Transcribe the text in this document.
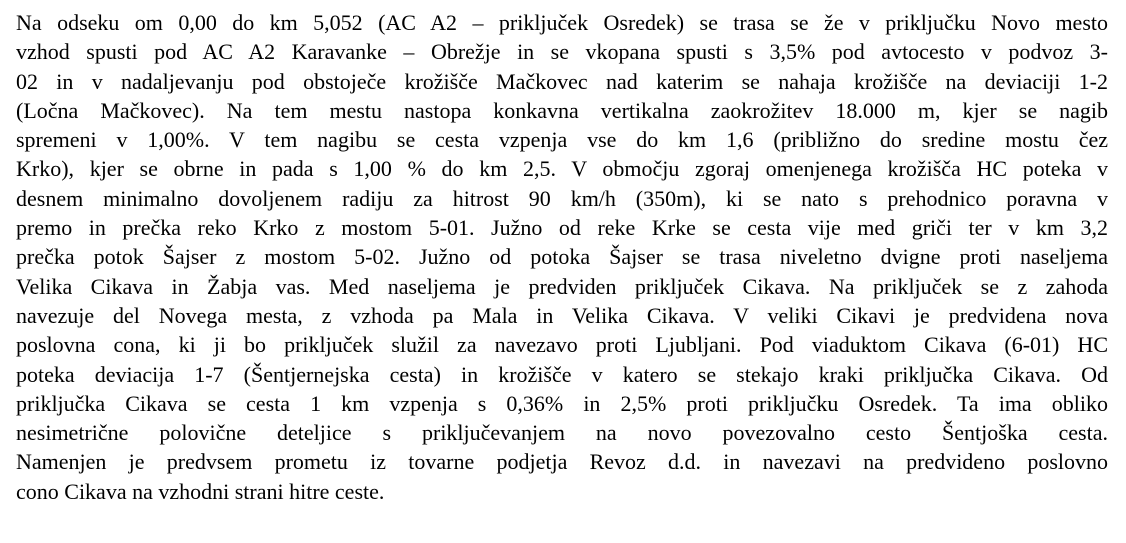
Na odseku om 0,00 do km 5,052 (AC A2 – priključek Osredek) se trasa se že v priključku Novo mesto
vzhod spusti pod AC A2 Karavanke – Obrežje in se vkopana spusti s 3,5% pod avtocesto v podvoz 3-
02 in v nadaljevanju pod obstoječe krožišče Mačkovec nad katerim se nahaja krožišče na deviaciji 1-2
(Ločna Mačkovec). Na tem mestu nastopa konkavna vertikalna zaokrožitev 18.000 m, kjer se nagib
spremeni v 1,00%. V tem nagibu se cesta vzpenja vse do km 1,6 (približno do sredine mostu čez
Krko), kjer se obrne in pada s 1,00 % do km 2,5. V območju zgoraj omenjenega krožišča HC poteka v
desnem minimalno dovoljenem radiju za hitrost 90 km/h (350m), ki se nato s prehodnico poravna v
premo in prečka reko Krko z mostom 5-01. Južno od reke Krke se cesta vije med griči ter v km 3,2
prečka potok Šajser z mostom 5-02. Južno od potoka Šajser se trasa niveletno dvigne proti naseljema
Velika Cikava in Žabja vas. Med naseljema je predviden priključek Cikava. Na priključek se z zahoda
navezuje del Novega mesta, z vzhoda pa Mala in Velika Cikava. V veliki Cikavi je predvidena nova
poslovna cona, ki ji bo priključek služil za navezavo proti Ljubljani. Pod viaduktom Cikava (6-01) HC
poteka deviacija 1-7 (Šentjernejska cesta) in krožišče v katero se stekajo kraki priključka Cikava. Od
priključka Cikava se cesta 1 km vzpenja s 0,36% in 2,5% proti priključku Osredek. Ta ima obliko
nesimetrične polovične deteljice s priključevanjem na novo povezovalno cesto Šentjoška cesta.
Namenjen je predvsem prometu iz tovarne podjetja Revoz d.d. in navezavi na predvideno poslovno
cono Cikava na vzhodni strani hitre ceste.
